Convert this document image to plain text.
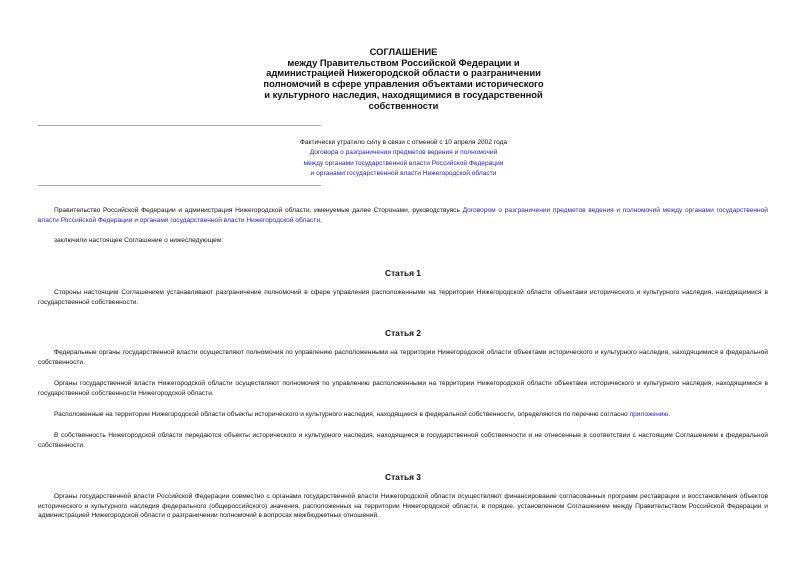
СОГЛАШЕНИЕ
между Правительством Российской Федерации и
администрацией Нижегородской области о разграничении
полномочий в сфере управления объектами исторического
и культурного наследия, находящимися в государственной
собственности
Фактически утратило силу в связи с отменой с 10 апреля 2002 года
Договора о разграничении предметов ведения и полномочий
между органами государственной власти Российской Федерации
и органами государственной власти Нижегородской области
Правительство Российской Федерации и администрация Нижегородской области, именуемые далее Сторонами, руководствуясь Договором о разграничении предметов ведения и полномочий между органами государственной власти Российской Федерации и органами государственной власти Нижегородской области,
заключили настоящее Соглашение о нижеследующем:
Статья 1
Стороны настоящим Соглашением устанавливают разграничение полномочий в сфере управления расположенными на территории Нижегородской области объектами исторического и культурного наследия, находящимися в государственной собственности.
Статья 2
Федеральные органы государственной власти осуществляют полномочия по управлению расположенными на территории Нижегородской области объектами исторического и культурного наследия, находящимися в федеральной собственности.
Органы государственной власти Нижегородской области осуществляют полномочия по управлению расположенными на территории Нижегородской области объектами исторического и культурного наследия, находящимися в государственной собственности Нижегородской области.
Расположенные на территории Нижегородской области объекты исторического и культурного наследия, находящиеся в федеральной собственности, определяются по перечню согласно приложению.
В собственность Нижегородской области передаются объекты исторического и культурного наследия, находящиеся в государственной собственности и не отнесенные в соответствии с настоящим Соглашением к федеральной собственности.
Статья 3
Органы государственной власти Российской Федерации совместно с органами государственной власти Нижегородской области осуществляют финансирование согласованных программ реставрации и восстановления объектов исторического и культурного наследия федерального (общероссийского) значения, расположенных на территории Нижегородской области, в порядке, установленном Соглашением между Правительством Российской Федерации и администрацией Нижегородской области о разграничении полномочий в вопросах межбюджетных отношений.
